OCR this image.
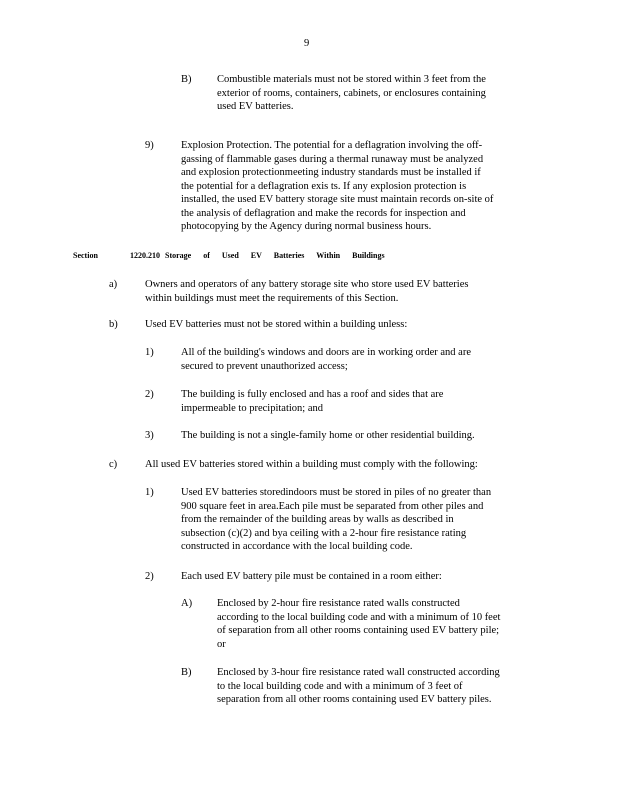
9
B) Combustible materials must not be stored within 3 feet from the
exterior of rooms, containers, cabinets, or enclosures containing
used EV batteries.
9)	Explosion Protection. The potential for a deflagration involving the off-
gassing of flammable gases during a thermal runaway must be analyzed
and explosion protectionmeeting industry standards must be installed if
the potential for a deflagration exis ts. If any explosion protection is
installed, the used EV battery storage site must maintain records on-site of
the analysis of deflagration and make the records for inspection and
photocopying by the Agency during normal business hours.
Section	1220.210 Storage of Used EV Batteries Within Buildings
a)	Owners and operators of any battery storage site who store used EV batteries
within buildings must meet the requirements of this Section.
b)	Used EV batteries must not be stored within a building unless:
1)	All of the building's windows and doors are in working order and are
secured to prevent unauthorized access;
2)	The building is fully enclosed and has a roof and sides that are
impermeable to precipitation; and
3)	The building is not a single-family home or other residential building.
c)	All used EV batteries stored within a building must comply with the following:
1)	Used EV batteries storedindoors must be stored in piles of no greater than
900 square feet in area.Each pile must be separated from other piles and
from the remainder of the building areas by walls as described in
subsection (c)(2) and bya ceiling with a 2-hour fire resistance rating
constructed in accordance with the local building code.
2)	Each used EV battery pile must be contained in a room either:
A) Enclosed by 2-hour fire resistance rated walls constructed
according to the local building code and with a minimum of 10 feet
of separation from all other rooms containing used EV battery pile;
or
B) Enclosed by 3-hour fire resistance rated wall constructed according
to the local building code and with a minimum of 3 feet of
separation from all other rooms containing used EV battery piles.
